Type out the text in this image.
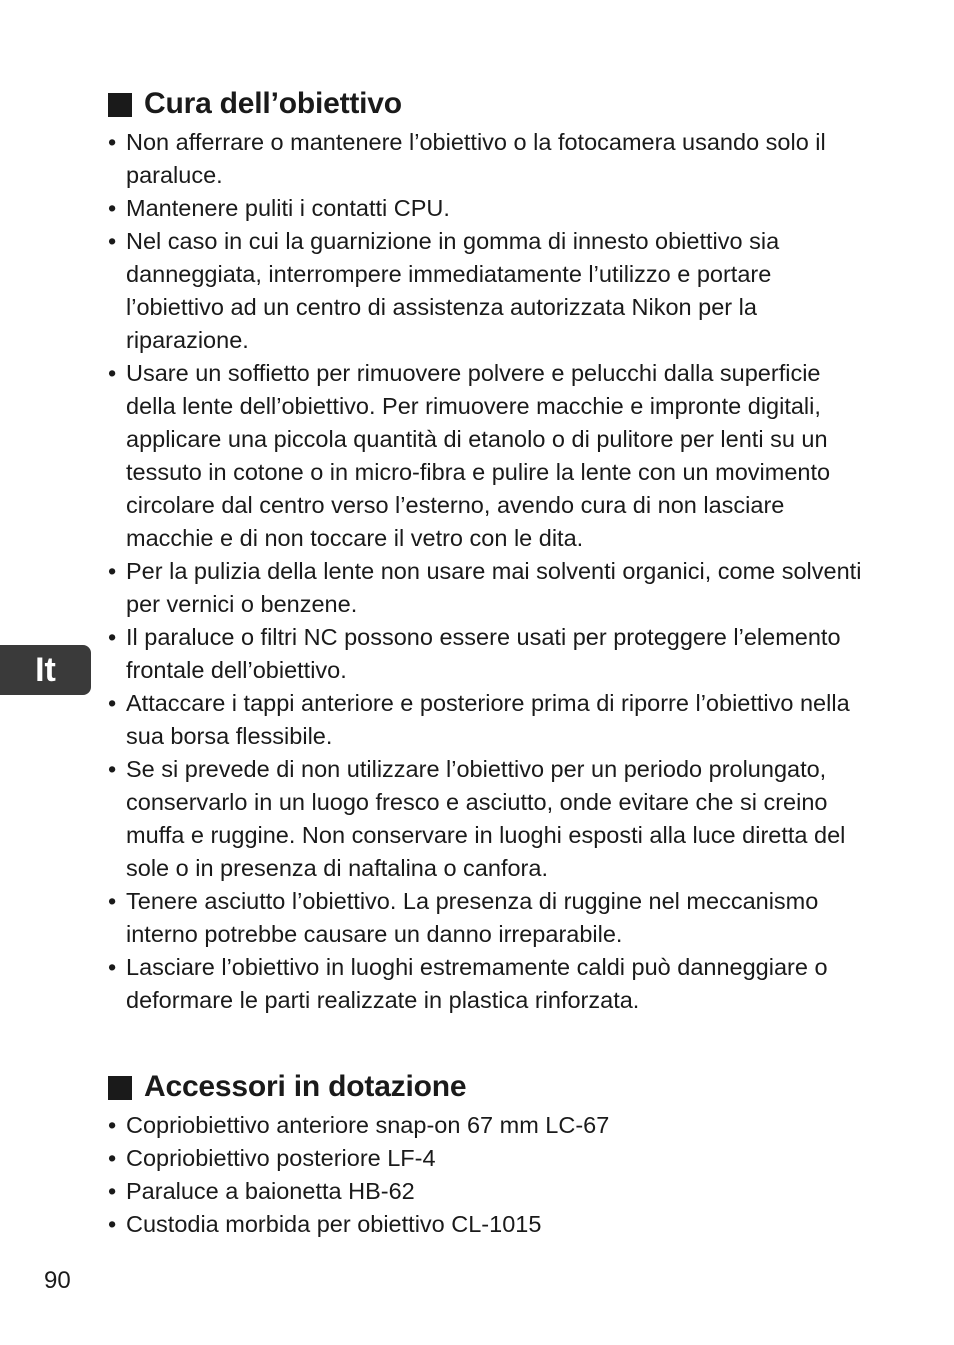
Cura dell’obiettivo
• Non afferrare o mantenere l’obiettivo o la fotocamera usando solo il paraluce.
• Mantenere puliti i contatti CPU.
• Nel caso in cui la guarnizione in gomma di innesto obiettivo sia danneggiata, interrompere immediatamente l’utilizzo e portare l’obiettivo ad un centro di assistenza autorizzata Nikon per la riparazione.
• Usare un soffietto per rimuovere polvere e pelucchi dalla superficie della lente dell’obiettivo. Per rimuovere macchie e impronte digitali, applicare una piccola quantità di etanolo o di pulitore per lenti su un tessuto in cotone o in micro-fibra e pulire la lente con un movimento circolare dal centro verso l’esterno, avendo cura di non lasciare macchie e di non toccare il vetro con le dita.
• Per la pulizia della lente non usare mai solventi organici, come solventi per vernici o benzene.
• Il paraluce o filtri NC possono essere usati per proteggere l’elemento frontale dell’obiettivo.
• Attaccare i tappi anteriore e posteriore prima di riporre l’obiettivo nella sua borsa flessibile.
• Se si prevede di non utilizzare l’obiettivo per un periodo prolungato, conservarlo in un luogo fresco e asciutto, onde evitare che si creino muffa e ruggine. Non conservare in luoghi esposti alla luce diretta del sole o in presenza di naftalina o canfora.
• Tenere asciutto l’obiettivo. La presenza di ruggine nel meccanismo interno potrebbe causare un danno irreparabile.
• Lasciare l’obiettivo in luoghi estremamente caldi può danneggiare o deformare le parti realizzate in plastica rinforzata.
Accessori in dotazione
• Copriobiettivo anteriore snap-on 67 mm LC-67
• Copriobiettivo posteriore LF-4
• Paraluce a baionetta HB-62
• Custodia morbida per obiettivo CL-1015
It
90
